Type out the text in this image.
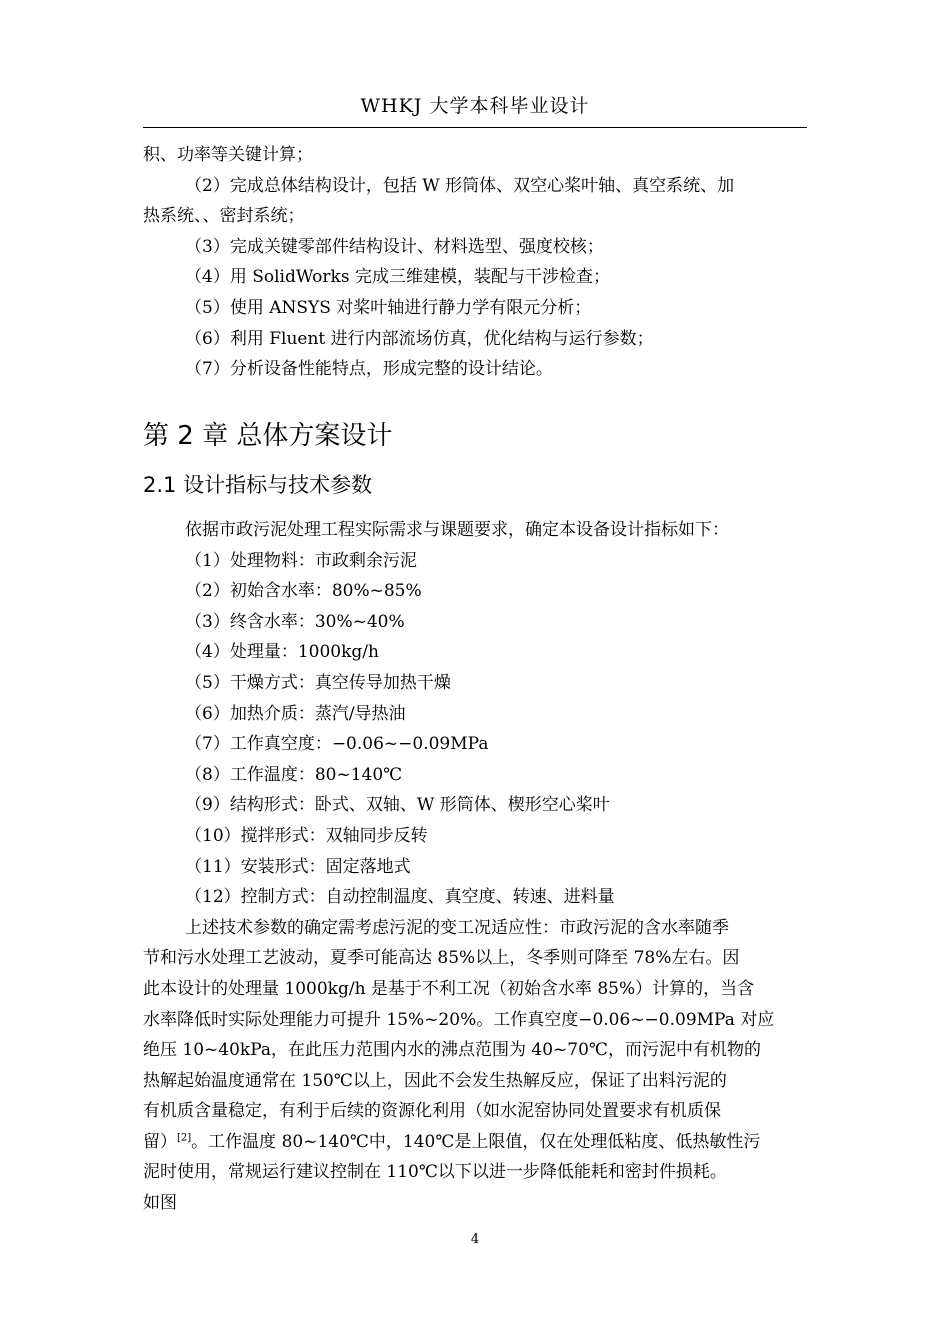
WHKJ 大学本科毕业设计
积、功率等关键计算；
（2）完成总体结构设计，包括 W 形筒体、双空心桨叶轴、真空系统、加
热系统、、密封系统；
（3）完成关键零部件结构设计、材料选型、强度校核；
（4）用 SolidWorks 完成三维建模，装配与干涉检查；
（5）使用 ANSYS 对桨叶轴进行静力学有限元分析；
（6）利用 Fluent 进行内部流场仿真，优化结构与运行参数；
（7）分析设备性能特点，形成完整的设计结论。
第 2 章 总体方案设计
2.1 设计指标与技术参数
依据市政污泥处理工程实际需求与课题要求，确定本设备设计指标如下：
（1）处理物料：市政剩余污泥
（2）初始含水率：80%~85%
（3）终含水率：30%~40%
（4）处理量：1000kg/h
（5）干燥方式：真空传导加热干燥
（6）加热介质：蒸汽/导热油
（7）工作真空度：−0.06~−0.09MPa
（8）工作温度：80~140℃
（9）结构形式：卧式、双轴、W 形筒体、楔形空心桨叶
（10）搅拌形式：双轴同步反转
（11）安装形式：固定落地式
（12）控制方式：自动控制温度、真空度、转速、进料量
上述技术参数的确定需考虑污泥的变工况适应性：市政污泥的含水率随季
节和污水处理工艺波动，夏季可能高达 85%以上，冬季则可降至 78%左右。因
此本设计的处理量 1000kg/h 是基于不利工况（初始含水率 85%）计算的，当含
水率降低时实际处理能力可提升 15%~20%。工作真空度−0.06~−0.09MPa 对应
绝压 10~40kPa，在此压力范围内水的沸点范围为 40~70℃，而污泥中有机物的
热解起始温度通常在 150℃以上，因此不会发生热解反应，保证了出料污泥的
有机质含量稳定，有利于后续的资源化利用（如水泥窑协同处置要求有机质保
留）[2]。工作温度 80~140℃中，140℃是上限值，仅在处理低粘度、低热敏性污
泥时使用，常规运行建议控制在 110℃以下以进一步降低能耗和密封件损耗。
如图
4
